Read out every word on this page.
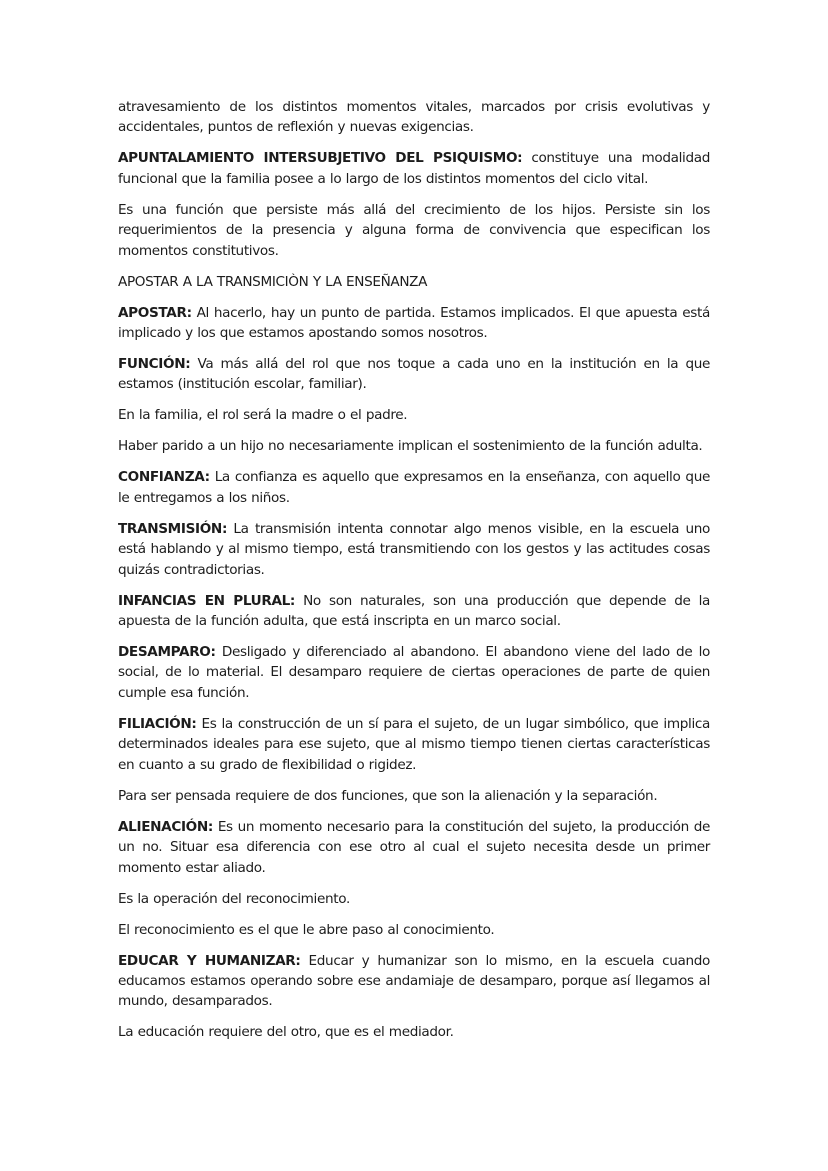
atravesamiento de los distintos momentos vitales, marcados por crisis evolutivas y accidentales, puntos de reflexión y nuevas exigencias.

APUNTALAMIENTO INTERSUBJETIVO DEL PSIQUISMO: constituye una modalidad funcional que la familia posee a lo largo de los distintos momentos del ciclo vital.

Es una función que persiste más allá del crecimiento de los hijos. Persiste sin los requerimientos de la presencia y alguna forma de convivencia que especifican los momentos constitutivos.

APOSTAR A LA TRANSMICIÒN Y LA ENSEÑANZA

APOSTAR: Al hacerlo, hay un punto de partida. Estamos implicados. El que apuesta está implicado y los que estamos apostando somos nosotros.

FUNCIÓN: Va más allá del rol que nos toque a cada uno en la institución en la que estamos (institución escolar, familiar).

En la familia, el rol será la madre o el padre.

Haber parido a un hijo no necesariamente implican el sostenimiento de la función adulta.

CONFIANZA: La confianza es aquello que expresamos en la enseñanza, con aquello que le entregamos a los niños.

TRANSMISIÓN: La transmisión intenta connotar algo menos visible, en la escuela uno está hablando y al mismo tiempo, está transmitiendo con los gestos y las actitudes cosas quizás contradictorias.

INFANCIAS EN PLURAL: No son naturales, son una producción que depende de la apuesta de la función adulta, que está inscripta en un marco social.

DESAMPARO: Desligado y diferenciado al abandono. El abandono viene del lado de lo social, de lo material. El desamparo requiere de ciertas operaciones de parte de quien cumple esa función.

FILIACIÓN: Es la construcción de un sí para el sujeto, de un lugar simbólico, que implica determinados ideales para ese sujeto, que al mismo tiempo tienen ciertas características en cuanto a su grado de flexibilidad o rigidez.

Para ser pensada requiere de dos funciones, que son la alienación y la separación.

ALIENACIÓN: Es un momento necesario para la constitución del sujeto, la producción de un no. Situar esa diferencia con ese otro al cual el sujeto necesita desde un primer momento estar aliado.

Es la operación del reconocimiento.

El reconocimiento es el que le abre paso al conocimiento.

EDUCAR Y HUMANIZAR: Educar y humanizar son lo mismo, en la escuela cuando educamos estamos operando sobre ese andamiaje de desamparo, porque así llegamos al mundo, desamparados.

La educación requiere del otro, que es el mediador.
